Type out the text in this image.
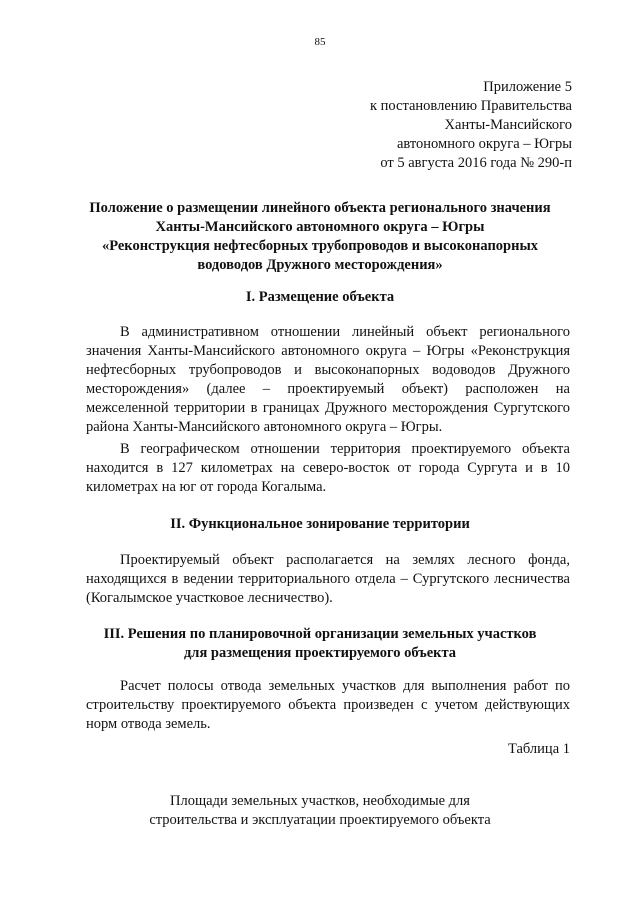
85
Приложение 5
к постановлению Правительства
Ханты-Мансийского
автономного округа – Югры
от 5 августа 2016 года № 290-п
Положение о размещении линейного объекта регионального значения
Ханты-Мансийского автономного округа – Югры
«Реконструкция нефтесборных трубопроводов и высоконапорных
водоводов Дружного месторождения»
I. Размещение объекта

В административном отношении линейный объект регионального значения Ханты-Мансийского автономного округа – Югры «Реконструкция нефтесборных трубопроводов и высоконапорных водоводов Дружного месторождения» (далее – проектируемый объект) расположен на межселенной территории в границах Дружного месторождения Сургутского района Ханты-Мансийского автономного округа – Югры.

В географическом отношении территория проектируемого объекта находится в 127 километрах на северо-восток от города Сургута и в 10 километрах на юг от города Когалыма.

II. Функциональное зонирование территории

Проектируемый объект располагается на землях лесного фонда, находящихся в ведении территориального отдела – Сургутского лесничества (Когалымское участковое лесничество).

III. Решения по планировочной организации земельных участков
для размещения проектируемого объекта

Расчет полосы отвода земельных участков для выполнения работ по строительству проектируемого объекта произведен с учетом действующих норм отвода земель.

Таблица 1
Площади земельных участков, необходимые для
строительства и эксплуатации проектируемого объекта
